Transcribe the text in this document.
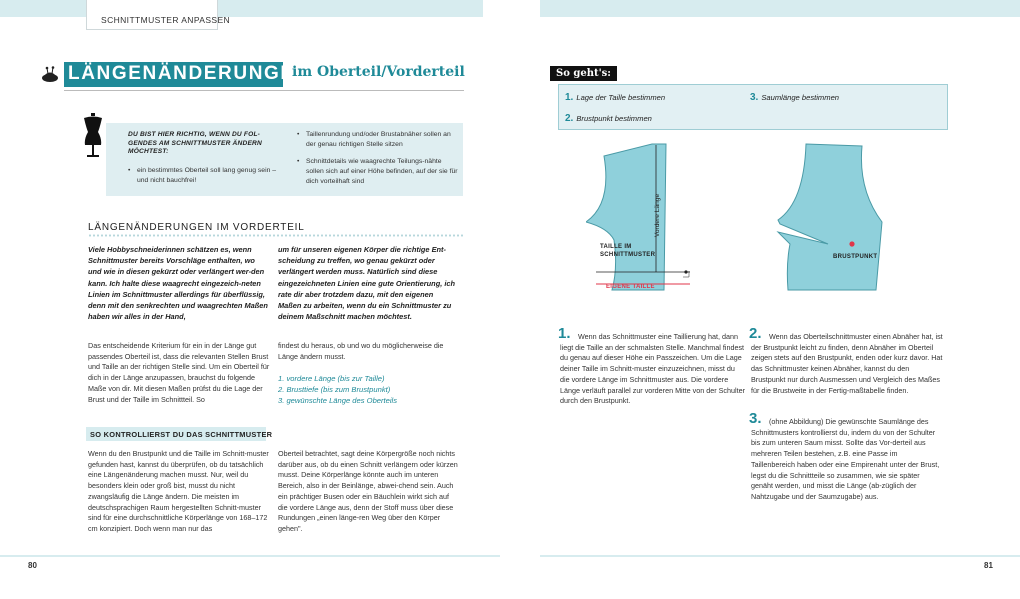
SCHNITTMUSTER ANPASSEN
LÄNGENÄNDERUNGEN
im Oberteil/Vorderteil
DU BIST HIER RICHTIG, WENN DU FOL-GENDES AM SCHNITTMUSTER ÄNDERN MÖCHTEST:
• ein bestimmtes Oberteil soll lang genug sein – und nicht bauchfrei!
• Taillenrundung und/oder Brustabnäher sollen an der genau richtigen Stelle sitzen
• Schnittdetails wie waagrechte Teilungs-nähte sollen sich auf einer Höhe befinden, auf der sie für dich vorteilhaft sind
LÄNGENÄNDERUNGEN IM VORDERTEIL
Viele Hobbyschneiderinnen schätzen es, wenn Schnittmuster bereits Vorschläge enthalten, wo und wie in diesen gekürzt oder verlängert wer-den kann. Ich halte diese waagrecht eingezeich-neten Linien im Schnittmuster allerdings für überflüssig, denn mit den senkrechten und waagrechten Maßen haben wir alles in der Hand,
um für unseren eigenen Körper die richtige Ent-scheidung zu treffen, wo genau gekürzt oder verlängert werden muss. Natürlich sind diese eingezeichneten Linien eine gute Orientierung, ich rate dir aber trotzdem dazu, mit den eigenen Maßen zu arbeiten, wenn du ein Schnittmuster zu deinem Maßschnitt machen möchtest.
Das entscheidende Kriterium für ein in der Länge gut passendes Oberteil ist, dass die relevanten Stellen Brust und Taille an der richtigen Stelle sind. Um ein Oberteil für dich in der Länge anzupassen, brauchst du folgende Maße von dir. Mit diesen Maßen prüfst du die Lage der Brust und der Taille im Schnittteil. So
findest du heraus, ob und wo du möglicherweise die Länge ändern musst.
1. vordere Länge (bis zur Taille)
2. Brusttiefe (bis zum Brustpunkt)
3. gewünschte Länge des Oberteils
SO KONTROLLIERST DU DAS SCHNITTMUSTER
Wenn du den Brustpunkt und die Taille im Schnitt-muster gefunden hast, kannst du überprüfen, ob du tatsächlich eine Längenänderung machen musst. Nur, weil du besonders klein oder groß bist, musst du nicht zwangsläufig die Länge ändern. Die meisten im deutschsprachigen Raum hergestellten Schnitt-muster sind für eine durchschnittliche Körperlänge von 168–172 cm konzipiert. Doch wenn man nur das
Oberteil betrachtet, sagt deine Körpergröße noch nichts darüber aus, ob du einen Schnitt verlängern oder kürzen musst. Deine Körperlänge könnte auch im unteren Bereich, also in der Beinlänge, abwei-chend sein. Auch ein prächtiger Busen oder ein Bäuchlein wirkt sich auf die vordere Länge aus, denn der Stoff muss über diese Rundungen „einen länge-ren Weg über den Körper gehen".
So geht's:
1. Lage der Taille bestimmen
2. Brustpunkt bestimmen
3. Saumlänge bestimmen
TAILLE IM SCHNITTMUSTER
EIGENE TAILLE
Vordere Länge
BRUSTPUNKT
1.	Wenn das Schnittmuster eine Taillierung hat, dann liegt die Taille an der schmalsten Stelle. Manchmal findest du genau auf dieser Höhe ein Passzeichen. Um die Lage deiner Taille im Schnitt-muster einzuzeichnen, misst du die vordere Länge im Schnittmuster aus. Die vordere Länge verläuft parallel zur vorderen Mitte von der Schulter durch den Brustpunkt.
2.	Wenn das Oberteilschnittmuster einen Abnäher hat, ist der Brustpunkt leicht zu finden, denn Abnäher im Oberteil zeigen stets auf den Brustpunkt, enden oder kurz davor. Hat das Schnittmuster keinen Abnäher, kannst du den Brustpunkt nur durch Ausmessen und Vergleich des Maßes für die Brustweite in der Fertig-maßtabelle finden.
3.	(ohne Abbildung) Die gewünschte Saumlänge des Schnittmusters kontrollierst du, indem du von der Schulter bis zum unteren Saum misst. Sollte das Vor-derteil aus mehreren Teilen bestehen, z.B. eine Passe im Taillenbereich haben oder eine Empirenaht unter der Brust, legst du die Schnittteile so zusammen, wie sie später genäht werden, und misst die Länge (ab-züglich der Nahtzugabe und der Saumzugabe) aus.
80	81
